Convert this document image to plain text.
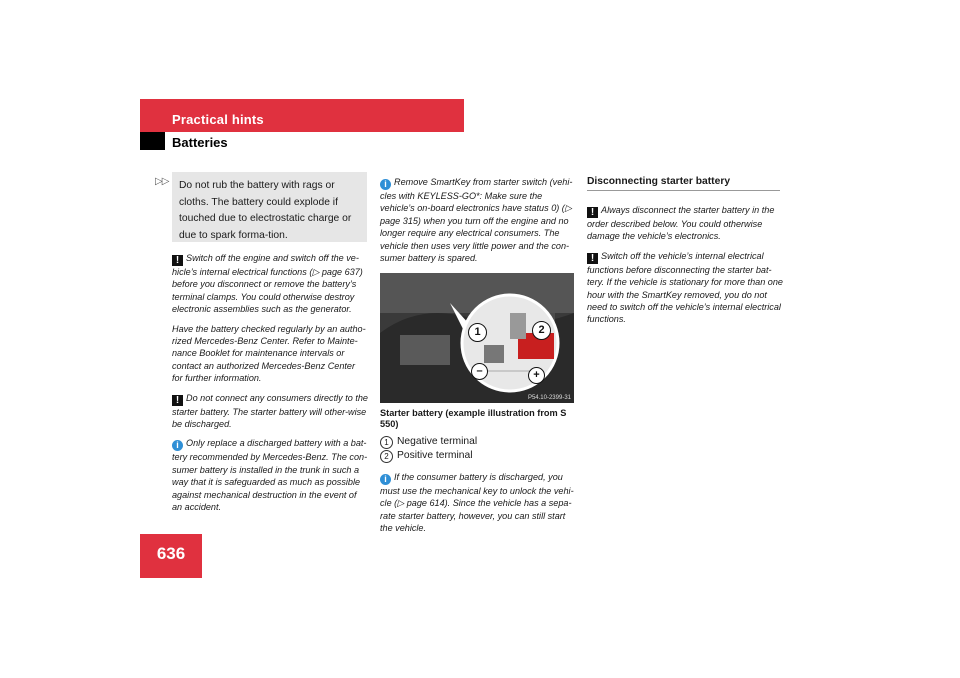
Practical hints
Batteries
636
▷▷	Do not rub the battery with rags or cloths. The battery could explode if touched due to electrostatic charge or due to spark forma-tion.

! Switch off the engine and switch off the ve-hicle’s internal electrical functions (▷ page 637) before you disconnect or remove the battery’s terminal clamps. You could otherwise destroy electronic assemblies such as the generator.

Have the battery checked regularly by an autho-rized Mercedes-Benz Center. Refer to Mainte-nance Booklet for maintenance intervals or contact an authorized Mercedes-Benz Center for further information.

! Do not connect any consumers directly to the starter battery. The starter battery will other-wise be discharged.

i Only replace a discharged battery with a bat-tery recommended by Mercedes-Benz. The con-sumer battery is installed in the trunk in such a way that it is safeguarded as much as possible against mechanical destruction in the event of an accident.

i Remove SmartKey from starter switch (vehi-cles with KEYLESS-GO*: Make sure the vehicle’s on-board electronics have status 0) (▷ page 315) when you turn off the engine and no longer require any electrical consumers. The vehicle then uses very little power and the con-sumer battery is spared.

1	2
–	+
P54.10-2399-31
Starter battery (example illustration from S 550)
1 Negative terminal
2 Positive terminal

i If the consumer battery is discharged, you must use the mechanical key to unlock the vehi-cle (▷ page 614). Since the vehicle has a sepa-rate starter battery, however, you can still start the vehicle.

Disconnecting starter battery

! Always disconnect the starter battery in the order described below. You could otherwise damage the vehicle’s electronics.

! Switch off the vehicle’s internal electrical functions before disconnecting the starter bat-tery. If the vehicle is stationary for more than one hour with the SmartKey removed, you do not need to switch off the vehicle’s internal electrical functions.
